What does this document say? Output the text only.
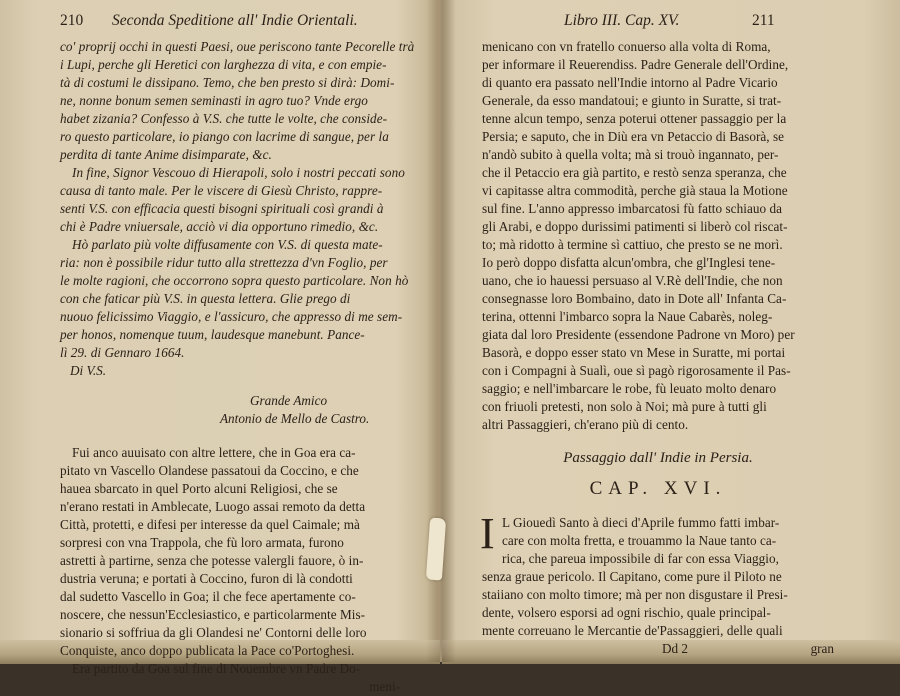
210 Seconda Speditione all' Indie Orientali.
co' proprij occhi in questi Paesi, oue periscono tante Pecorelle trà
i Lupi, perche gli Heretici con larghezza di vita, e con empie-
tà di costumi le dissipano. Temo, che ben presto si dirà: Domi-
ne, nonne bonum semen seminasti in agro tuo? Vnde ergo
habet zizania? Confesso à V.S. che tutte le volte, che conside-
ro questo particolare, io piango con lacrime di sangue, per la
perdita di tante Anime disimparate, &c.
In fine, Signor Vescouo di Hierapoli, solo i nostri peccati sono
causa di tanto male. Per le viscere di Giesù Christo, rappre-
senti V.S. con efficacia questi bisogni spirituali così grandi à
chi è Padre vniuersale, acciò vi dia opportuno rimedio, &c.
Hò parlato più volte diffusamente con V.S. di questa mate-
ria: non è possibile ridur tutto alla strettezza d'vn Foglio, per
le molte ragioni, che occorrono sopra questo particolare. Non hò
con che faticar più V.S. in questa lettera. Glie prego di
nuouo felicissimo Viaggio, e l'assicuro, che appresso di me sem-
per honos, nomenque tuum, laudesque manebunt. Pance-
lì 29. di Gennaro 1664.
Di V.S.
Grande Amico
Antonio de Mello de Castro.
Fui anco auuisato con altre lettere, che in Goa era ca-
pitato vn Vascello Olandese passatoui da Coccino, e che
haueа sbarcato in quel Porto alcuni Religiosi, che se
n'erano restati in Amblecate, Luogo assai remoto da detta
Città, protetti, e difesi per interesse da quel Caimale; mà
sorpresi con vna Trappola, che fù loro armata, furono
astretti à partirne, senza che potesse valergli fauore, ò in-
dustria veruna; e portati à Coccino, furon di là condotti
dal sudetto Vascello in Goa; il che fece apertamente co-
noscere, che nessun'Ecclesiastico, e particolarmente Mis-
sionario si soffriua da gli Olandesi ne' Contorni delle loro
Conquiste, anco doppo publicata la Pace co'Portoghesi.
Era partito da Goa sul fine di Nouembre vn Padre Do-
meni-
Libro III. Cap. XV.	211
menicano con vn fratello conuerso alla volta di Roma,
per informare il Reuerendiss. Padre Generale dell'Ordine,
di quanto era passato nell'Indie intorno al Padre Vicario
Generale, da esso mandatoui; e giunto in Suratte, si trat-
tenne alcun tempo, senza poterui ottener passaggio per la
Persia; e saputo, che in Diù era vn Petaccio di Basorà, se
n'andò subito à quella volta; mà si trouò ingannato, per-
che il Petaccio era già partito, e restò senza speranza, che
vi capitasse altra commodità, perche già staua la Motione
sul fine. L'anno appresso imbarcatosi fù fatto schiauo da
gli Arabi, e doppo durissimi patimenti si liberò col riscat-
to; mà ridotto à termine sì cattiuo, che presto se ne morì.
Io però doppo disfatta alcun'ombra, che gl'Inglesi tene-
uano, che io hauessi persuaso al V.Rè dell'Indie, che non
consegnasse loro Bombaino, dato in Dote all' Infanta Ca-
terina, ottenni l'imbarco sopra la Naue Cabarès, noleg-
giata dal loro Presidente (essendone Padrone vn Moro) per
Basorà, e doppo esser stato vn Mese in Suratte, mi portai
con i Compagni à Sualì, oue sì pagò rigorosamente il Pas-
saggio; e nell'imbarcare le robe, fù leuato molto denaro
con friuoli pretesti, non solo à Noi; mà pure à tutti gli
altri Passaggieri, ch'erano più di cento.
Passaggio dall' Indie in Persia.
CAP. XVI.
I L Giouedì Santo à dieci d'Aprile fummo fatti imbar-
care con molta fretta, e trouammo la Naue tanto ca-
rica, che pareua impossibile di far con essa Viaggio,
senza graue pericolo. Il Capitano, come pure il Piloto ne
staiiano con molto timore; mà per non disgustare il Presi-
dente, volsero esporsi ad ogni rischio, quale principal-
mente correuano le Mercantie de'Passaggieri, delle quali
Dd 2	gran
